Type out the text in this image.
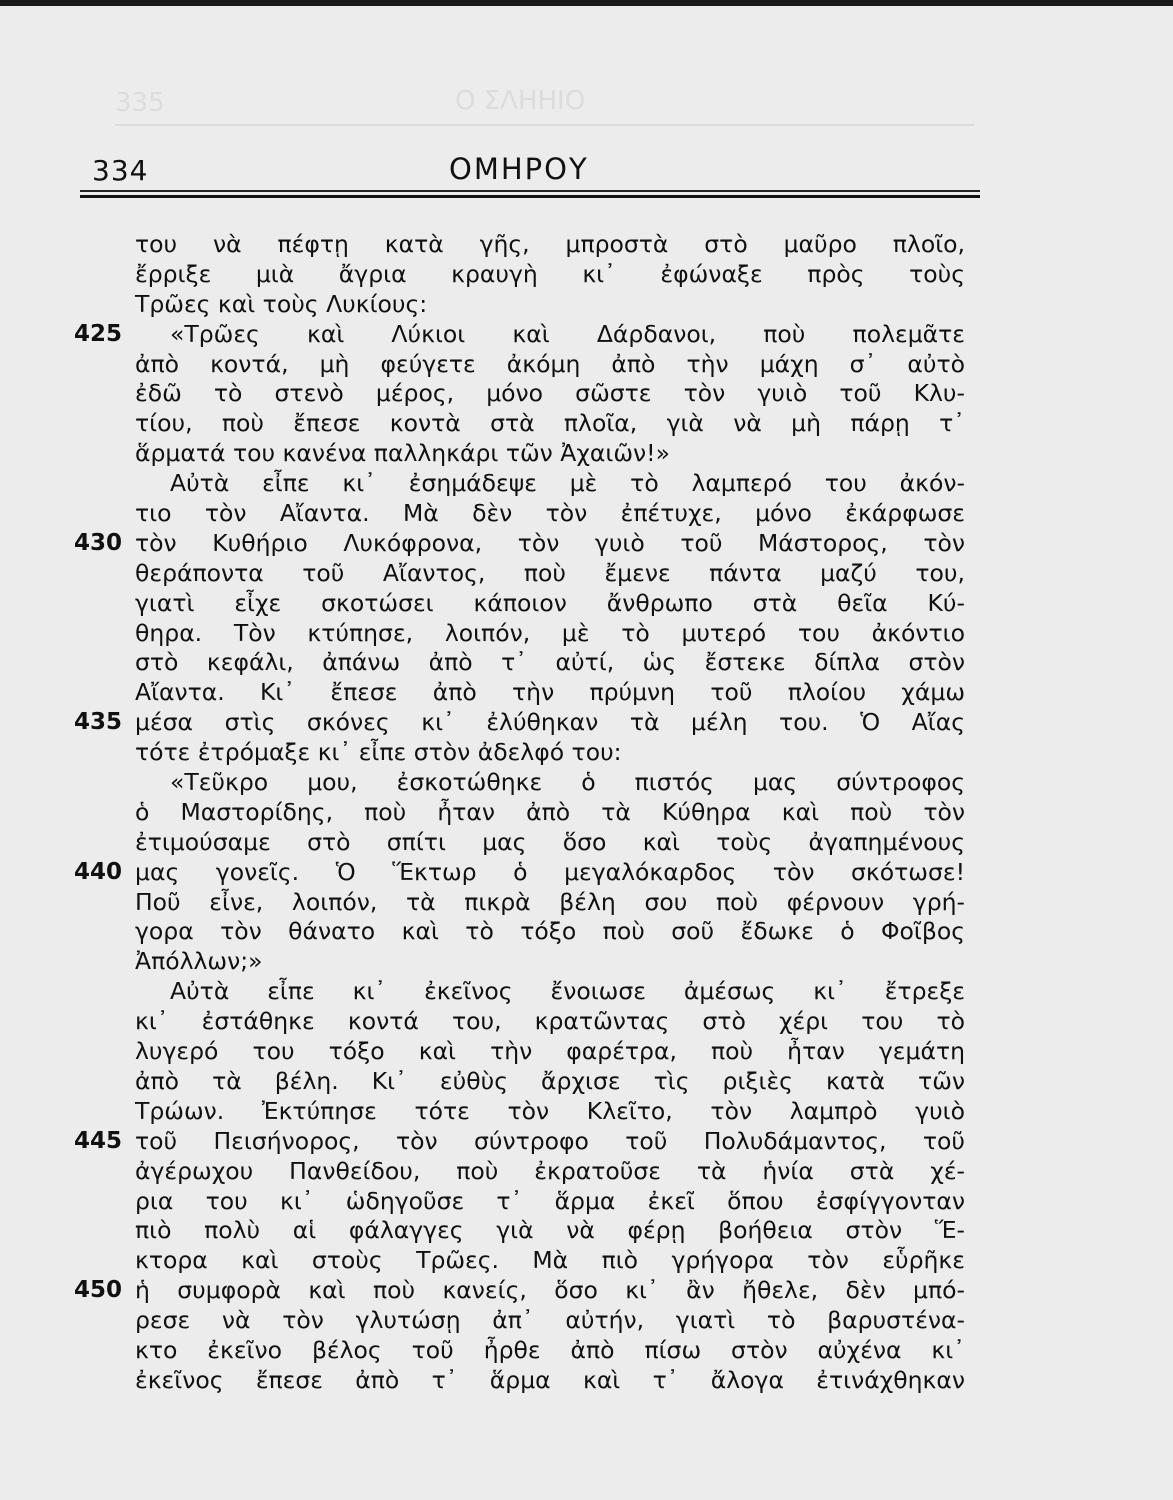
335	Ο ΣΛΗΗΙΟ
334	ΟΜΗΡΟΥ
του νὰ πέφτῃ κατὰ γῆς, μπροστὰ στὸ μαῦρο πλοῖο,
ἔρριξε μιὰ ἄγρια κραυγὴ κι᾽ ἐφώναξε πρὸς τοὺς
Τρῶες καὶ τοὺς Λυκίους:
425 «Τρῶες καὶ Λύκιοι καὶ Δάρδανοι, ποὺ πολεμᾶτε
ἀπὸ κοντά, μὴ φεύγετε ἀκόμη ἀπὸ τὴν μάχη σ᾽ αὐτὸ
ἐδῶ τὸ στενὸ μέρος, μόνο σῶστε τὸν γυιὸ τοῦ Κλυ-
τίου, ποὺ ἔπεσε κοντὰ στὰ πλοῖα, γιὰ νὰ μὴ πάρῃ τ᾽
ἅρματά του κανένα παλληκάρι τῶν Ἀχαιῶν!»
Αὐτὰ εἶπε κι᾽ ἐσημάδεψε μὲ τὸ λαμπερό του ἀκόν-
τιο τὸν Αἴαντα. Μὰ δὲν τὸν ἐπέτυχε, μόνο ἐκάρφωσε
430 τὸν Κυθήριο Λυκόφρονα, τὸν γυιὸ τοῦ Μάστορος, τὸν
θεράποντα τοῦ Αἴαντος, ποὺ ἔμενε πάντα μαζύ του,
γιατὶ εἶχε σκοτώσει κάποιον ἄνθρωπο στὰ θεῖα Κύ-
θηρα. Τὸν κτύπησε, λοιπόν, μὲ τὸ μυτερό του ἀκόντιο
στὸ κεφάλι, ἀπάνω ἀπὸ τ᾽ αὐτί, ὡς ἔστεκε δίπλα στὸν
Αἴαντα. Κι᾽ ἔπεσε ἀπὸ τὴν πρύμνη τοῦ πλοίου χάμω
435 μέσα στὶς σκόνες κι᾽ ἐλύθηκαν τὰ μέλη του. Ὁ Αἴας
τότε ἐτρόμαξε κι᾽ εἶπε στὸν ἀδελφό του:
«Τεῦκρο μου, ἐσκοτώθηκε ὁ πιστός μας σύντροφος
ὁ Μαστορίδης, ποὺ ἦταν ἀπὸ τὰ Κύθηρα καὶ ποὺ τὸν
ἐτιμούσαμε στὸ σπίτι μας ὅσο καὶ τοὺς ἀγαπημένους
440 μας γονεῖς. Ὁ Ἕκτωρ ὁ μεγαλόκαρδος τὸν σκότωσε!
Ποῦ εἶνε, λοιπόν, τὰ πικρὰ βέλη σου ποὺ φέρνουν γρή-
γορα τὸν θάνατο καὶ τὸ τόξο ποὺ σοῦ ἔδωκε ὁ Φοῖβος
Ἀπόλλων;»
Αὐτὰ εἶπε κι᾽ ἐκεῖνος ἔνοιωσε ἀμέσως κι᾽ ἔτρεξε
κι᾽ ἐστάθηκε κοντά του, κρατῶντας στὸ χέρι του τὸ
λυγερό του τόξο καὶ τὴν φαρέτρα, ποὺ ἦταν γεμάτη
ἀπὸ τὰ βέλη. Κι᾽ εὐθὺς ἄρχισε τὶς ριξιὲς κατὰ τῶν
Τρώων. Ἐκτύπησε τότε τὸν Κλεῖτο, τὸν λαμπρὸ γυιὸ
445 τοῦ Πεισήνορος, τὸν σύντροφο τοῦ Πολυδάμαντος, τοῦ
ἀγέρωχου Πανθείδου, ποὺ ἐκρατοῦσε τὰ ἡνία στὰ χέ-
ρια του κι᾽ ὡδηγοῦσε τ᾽ ἅρμα ἐκεῖ ὅπου ἐσφίγγονταν
πιὸ πολὺ αἱ φάλαγγες γιὰ νὰ φέρῃ βοήθεια στὸν Ἕ-
κτορα καὶ στοὺς Τρῶες. Μὰ πιὸ γρήγορα τὸν εὗρῆκε
450 ἡ συμφορὰ καὶ ποὺ κανείς, ὅσο κι᾽ ἂν ἤθελε, δὲν μπό-
ρεσε νὰ τὸν γλυτώσῃ ἀπ᾽ αὐτήν, γιατὶ τὸ βαρυστένα-
κτο ἐκεῖνο βέλος τοῦ ἦρθε ἀπὸ πίσω στὸν αὐχένα κι᾽
ἐκεῖνος ἔπεσε ἀπὸ τ᾽ ἅρμα καὶ τ᾽ ἄλογα ἐτινάχθηκαν
